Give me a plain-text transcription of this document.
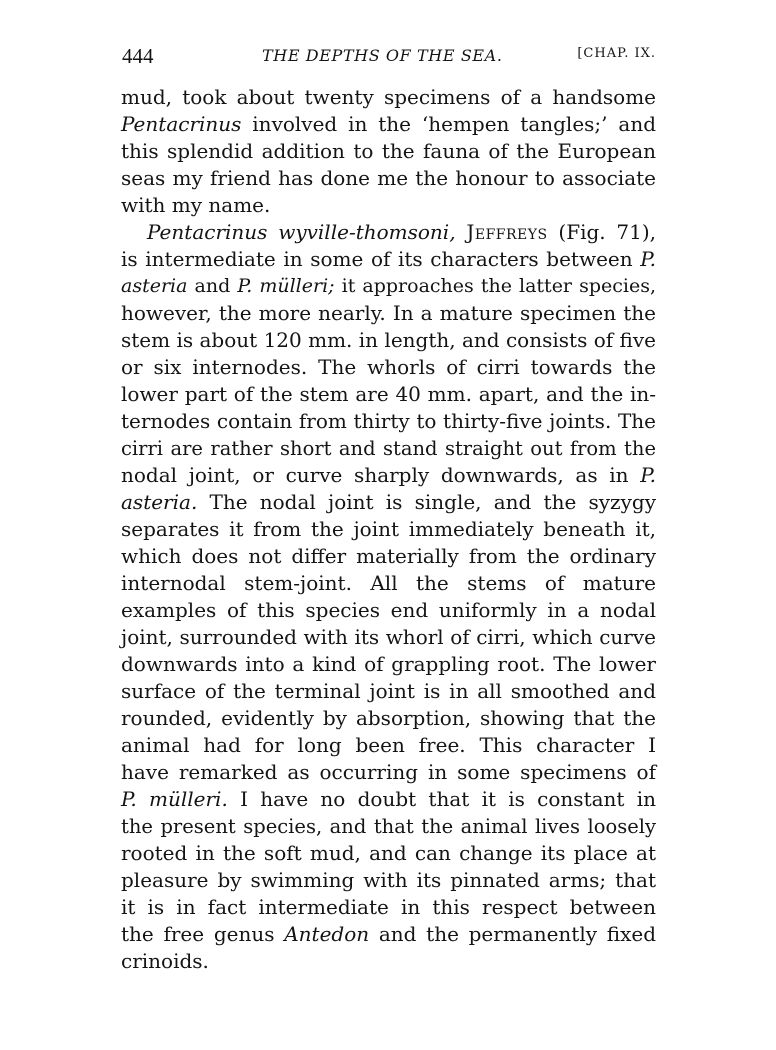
444	THE DEPTHS OF THE SEA.	[CHAP. IX.
mud, took about twenty specimens of a handsome
Pentacrinus involved in the ‘hempen tangles;’ and
this splendid addition to the fauna of the European
seas my friend has done me the honour to associate
with my name.
Pentacrinus wyville-thomsoni, Jeffreys (Fig. 71),
is intermediate in some of its characters between P.
asteria and P. mülleri; it approaches the latter species,
however, the more nearly. In a mature specimen the
stem is about 120 mm. in length, and consists of five
or six internodes. The whorls of cirri towards the
lower part of the stem are 40 mm. apart, and the in-
ternodes contain from thirty to thirty-five joints. The
cirri are rather short and stand straight out from the
nodal joint, or curve sharply downwards, as in P.
asteria. The nodal joint is single, and the syzygy
separates it from the joint immediately beneath it,
which does not differ materially from the ordinary
internodal stem-joint. All the stems of mature
examples of this species end uniformly in a nodal
joint, surrounded with its whorl of cirri, which curve
downwards into a kind of grappling root. The lower
surface of the terminal joint is in all smoothed and
rounded, evidently by absorption, showing that the
animal had for long been free. This character I
have remarked as occurring in some specimens of
P. mülleri. I have no doubt that it is constant in
the present species, and that the animal lives loosely
rooted in the soft mud, and can change its place at
pleasure by swimming with its pinnated arms; that
it is in fact intermediate in this respect between
the free genus Antedon and the permanently fixed
crinoids.
